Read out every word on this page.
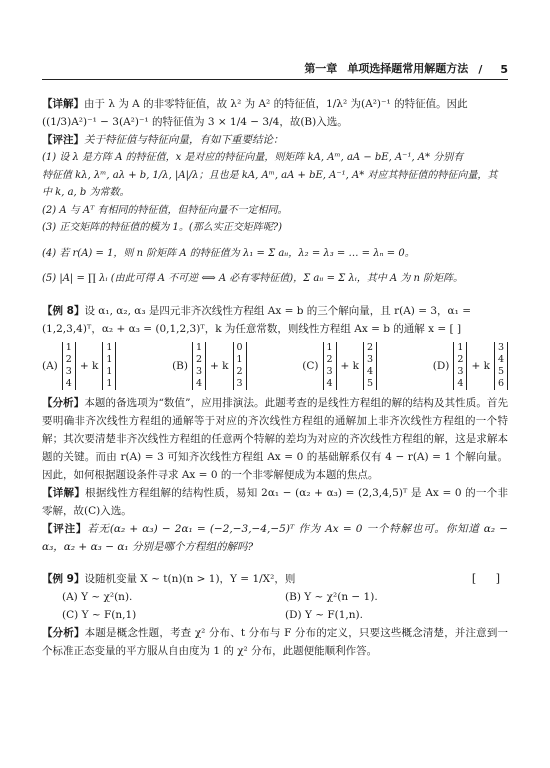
第一章 单项选择题常用解题方法 / 5

【详解】由于 λ 为 A 的非零特征值，故 λ² 为 A² 的特征值，1/λ² 为(A²)⁻¹ 的特征值。因此

((1/3)A²)⁻¹ − 3(A²)⁻¹ 的特征值为 3 × 1/4 − 3/4，故(B)入选。

【评注】关于特征值与特征向量，有如下重要结论：

(1) 设 λ 是方阵 A 的特征值，x 是对应的特征向量，则矩阵 kA, Aᵐ, aA − bE, A⁻¹, A* 分别有

特征值 kλ, λᵐ, aλ + b, 1/λ, |A|/λ；且也是 kA, Aᵐ, aA + bE, A⁻¹, A* 对应其特征值的特征向量，其

中 k, a, b 为常数。

(2) A 与 Aᵀ 有相同的特征值，但特征向量不一定相同。

(3) 正交矩阵的特征值的模为 1。(那么实正交矩阵呢?)

(4) 若 r(A) = 1，则 n 阶矩阵 A 的特征值为 λ₁ = Σ aᵢᵢ，λ₂ = λ₃ = … = λₙ = 0。

(5) |A| = ∏ λᵢ (由此可得 A 不可逆 ⟺ A 必有零特征值)，Σ aᵢᵢ = Σ λᵢ，其中 A 为 n 阶矩阵。

【例 8】设 α₁, α₂, α₃ 是四元非齐次线性方程组 Ax = b 的三个解向量，且 r(A) = 3，α₁ =

(1,2,3,4)ᵀ，α₂ + α₃ = (0,1,2,3)ᵀ，k 为任意常数，则线性方程组 Ax = b 的通解 x = [ ]

(A)
1
2
3
4
+ k
1
1
1
1
(B)
1
2
3
4
+ k
0
1
2
3
(C)
1
2
3
4
+ k
2
3
4
5
(D)
1
2
3
4
+ k
3
4
5
6

【分析】本题的备选项为“数值”，应用排演法。此题考查的是线性方程组的解的结构及其性质。首先要明确非齐次线性方程组的通解等于对应的齐次线性方程组的通解加上非齐次线性方程组的一个特解；其次要清楚非齐次线性方程组的任意两个特解的差均为对应的齐次线性方程组的解，这是求解本题的关键。而由 r(A) = 3 可知齐次线性方程组 Ax = 0 的基础解系仅有 4 − r(A) = 1 个解向量。因此，如何根据题设条件寻求 Ax = 0 的一个非零解便成为本题的焦点。

【详解】根据线性方程组解的结构性质，易知 2α₁ − (α₂ + α₃) = (2,3,4,5)ᵀ 是 Ax = 0 的一个非零解，故(C)入选。

【评注】若无(α₂ + α₃) − 2α₁ = (−2,−3,−4,−5)ᵀ 作为 Ax = 0 一个特解也可。你知道 α₂ − α₃，α₂ + α₃ − α₁ 分别是哪个方程组的解吗?

[ ]
【例 9】设随机变量 X ~ t(n)(n > 1)，Y = 1/X²，则

(A) Y ~ χ²(n).	(B) Y ~ χ²(n − 1).
(C) Y ~ F(n,1)	(D) Y ~ F(1,n).

【分析】本题是概念性题，考查 χ² 分布、t 分布与 F 分布的定义，只要这些概念清楚，并注意到一个标准正态变量的平方服从自由度为 1 的 χ² 分布，此题便能顺利作答。
